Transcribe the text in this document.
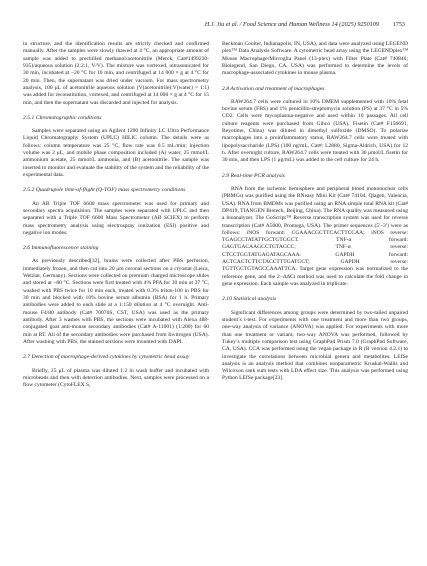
H.J. Jiu et al. / Food Science and Human Wellness 14 (2025) 9250109 1753

in structure, and the identification results are strictly checked and confirmed manually. After the samples were slowly thawed at 4 °C, an appropriate amount of sample was added to prechilled methanol/acetonitrile (Merck, Cat#1499230-935)/aqueous solution (2:2:1, V/V). The mixture was vortexed, ultrasonicated for 30 min, incubated at −20 °C for 10 min, and centrifuged at 14 000 × g at 4 °C for 20 min. Then, the supernatant was dried under vacuum. For mass spectrometry analysis, 100 μL of acetonitrile aqueous solution (V(acetonitrile):V(water) = 1:1) was added for reconstitution, vortexed, and centrifuged at 14 000 × g at 4 °C for 15 min, and then the supernatant was discarded and injected for analysis.

2.5.1 Chromatographic conditions

Samples were separated using an Agilent 1290 Infinity LC Ultra Performance Liquid Chromatography System (UPLC) HILIC column. The details were as follows: column temperature was 25 °C, flow rate was 0.5 mL/min; injection volume was 2 μL, and mobile phase composition included (A) water, 25 mmol/L ammonium acetate, 25 mmol/L ammonia, and (B) acetonitrile. The sample was inserted to monitor and evaluate the stability of the system and the reliability of the experimental data.

2.5.2 Quadrupole time-of-flight (Q-TOF) mass spectrometry conditions

An AB Triple TOF 6600 mass spectrometer was used for primary and secondary spectra acquisition. The samples were separated with UPLC and then separated with a Triple TOF 6600 Mass Spectrometer (AB SCIEX) to perform mass spectrometry analysis using electrospray ionization (ESI) positive and negative ion modes.

2.6 Immunofluorescence staining

As previously described[32], brains were collected after PBS perfusion, immediately frozen, and then cut into 20 μm coronal sections on a cryostat (Leica, Wetzlar, Germany). Sections were collected on premium charged microscope slides and stored at −80 °C. Sections were first treated with 4% PFA for 30 min at 37 °C, washed with PBS twice for 10 min each, treated with 0.3% triton-100 in PBS for 30 min and blocked with 10% bovine serum albumin (BSA) for 1 h. Primary antibodies were added to each slide at a 1:150 dilution at 4 °C overnight. Anti-mouse F4/80 antibody (Cat# 70076S, CST, USA) was used as the primary antibody. After 3 washes with PBS, the sections were incubated with Alexa 488-conjugated goat anti-mouse secondary antibodies (Cat# A-11001) (1:200) for 60 min at RT. All of the secondary antibodies were purchased from Invitrogen (USA). After washing with PBS, the stained sections were mounted with DAPI.

2.7 Detection of macrophage-derived cytokines by cytometric bead assay

Briefly, 25 μL of plasma was diluted 1:2 in wash buffer and incubated with microbeads and then with detection antibodies. Next, samples were processed on a flow cytometer (CytoFLEX S,

Beckman Coulter, Indianapolis, IN, USA), and data were analyzed using LEGEND plex™ Data Analysis Software. A cytometric bead array using the LEGENDplex™ Mouse Macrophage/Microglia Panel (13-plex) with Filter Plate (Cat# 740846; Biolegend, San Diego, CA, USA) was performed to determine the levels of macrophage-associated cytokines in mouse plasma.

2.8 Activation and treatment of macrophages

RAW264.7 cells were cultured in 10% DMEM supplemented with 10% fetal bovine serum (FBS) and 1% penicillin-streptomycin solution (PS) at 37 °C in 5% CO2. Cells were mycoplasma-negative and used within 10 passages. All cell culture reagents were purchased from Gibco (USA). Fisetin (Cat# F156691, Beyotime, China) was diluted in dimethyl sulfoxide (DMSO). To polarize macrophages into a proinflammatory status, RAW264.7 cells were treated with lipopolysaccharide (LPS) (100 ng/mL, Cat#: L2880, Sigma-Aldrich, USA) for 12 h. After overnight culture, RAW264.7 cells were treated with 30 μmol/L fisetin for 30 min, and then LPS (1 μg/mL) was added to the cell culture for 24 h.

2.9 Real-time PCR analysis

RNA from the ischemic hemisphere and peripheral blood mononuclear cells (PBMCs) was purified using the RNeasy Mini Kit (Cat# 74104, Qiagen, Valencia, USA). RNA from BMDMs was purified using an RNA simple total RNA kit (Cat# DP419, TIANGEN Biotech, Beijing, China). The RNA quality was measured using a bioanalyzer. The GoScript™ Reverse transcription system was used for reverse transcription (Cat# A5000, Promega, USA). The primer sequences (5′–3′) were as follows: iNOS forward: CGAAACGCTTCACTTCCAA; iNOS reverse: TGAGCCTATATTGCTGTGGCT. TNF-α forward: GAGTGACAAGCCTGTAGCC; TNF-α reverse: CTCCTGGTATGAGATAGCAAA. GAPDH forward: ACTCACTCTTCTACCTTTGATGCT; GAPDH reverse: TGTTGCTGTAGCCAAATTCA. Target gene expression was normalized to the reference gene, and the 2−ΔΔCt method was used to calculate the fold change in gene expression. Each sample was analyzed in triplicate.

2.10 Statistical analysis

Significant differences among groups were determined by two-tailed unpaired student’s t-test. For experiments with one treatment and more than two groups, one-way analysis of variance (ANOVA) was applied. For experiments with more than one treatment or variant, two-way ANOVA was performed, followed by Tukey’s multiple comparison test using GraphPad Prism 7.0 (GraphPad Software, CA, USA). CCA was performed using the vegan package in R (R version 4.2.1) to investigate the correlations between microbial genera and metabolites. LEfSe analysis is an analysis method that combines nonparametric Kruskal-Wallis and Wilcoxon rank sum tests with LDA effect size. This analysis was performed using Python LEfSe package[33].
